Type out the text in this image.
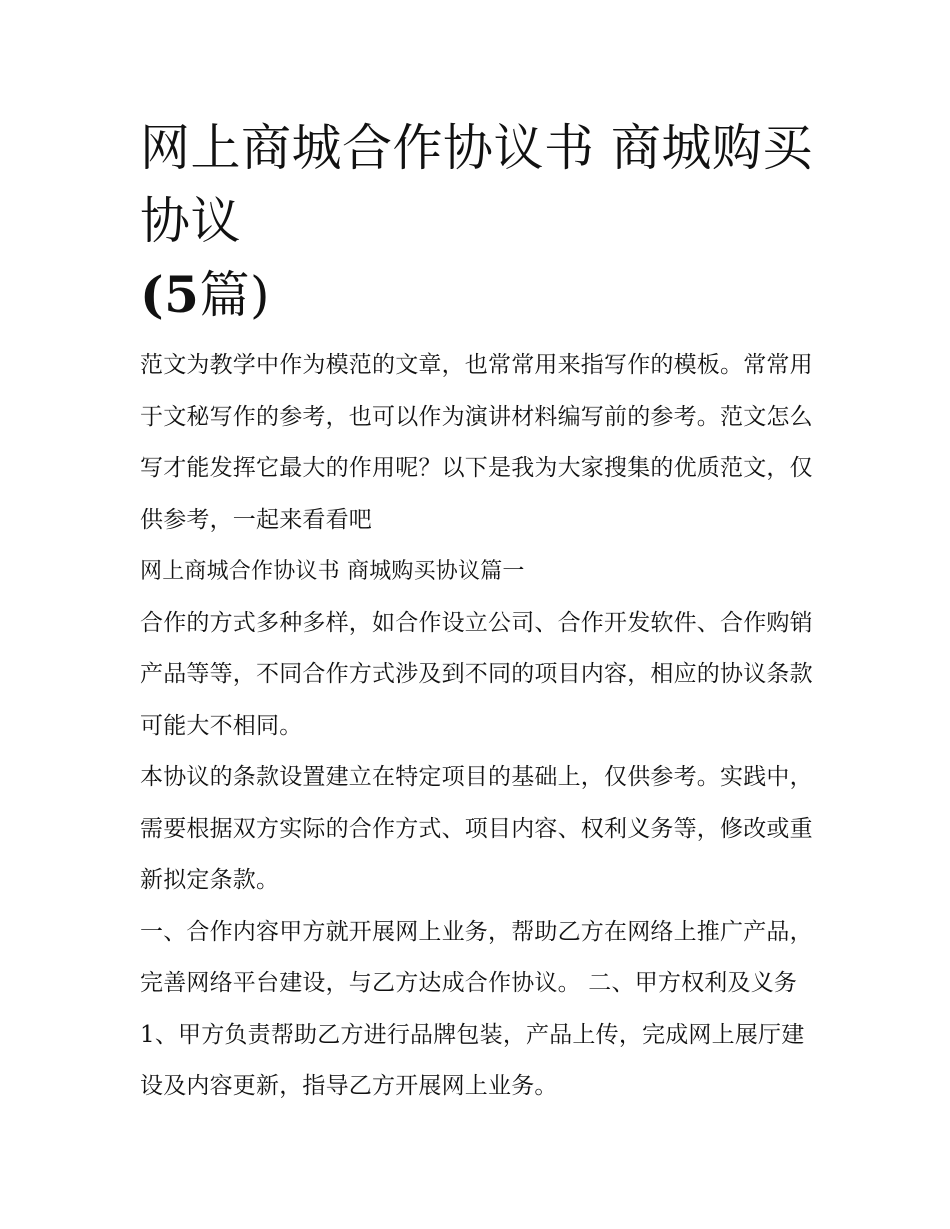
网上商城合作协议书 商城购买协议
(5篇)

范文为教学中作为模范的文章，也常常用来指写作的模板。常常用于文秘写作的参考，也可以作为演讲材料编写前的参考。范文怎么写才能发挥它最大的作用呢？以下是我为大家搜集的优质范文，仅供参考，一起来看看吧

网上商城合作协议书 商城购买协议篇一

合作的方式多种多样，如合作设立公司、合作开发软件、合作购销产品等等，不同合作方式涉及到不同的项目内容，相应的协议条款可能大不相同。

本协议的条款设置建立在特定项目的基础上，仅供参考。实践中，需要根据双方实际的合作方式、项目内容、权利义务等，修改或重新拟定条款。

一、合作内容甲方就开展网上业务，帮助乙方在网络上推广产品，完善网络平台建设，与乙方达成合作协议。 二、甲方权利及义务

1、甲方负责帮助乙方进行品牌包装，产品上传，完成网上展厅建设及内容更新，指导乙方开展网上业务。
